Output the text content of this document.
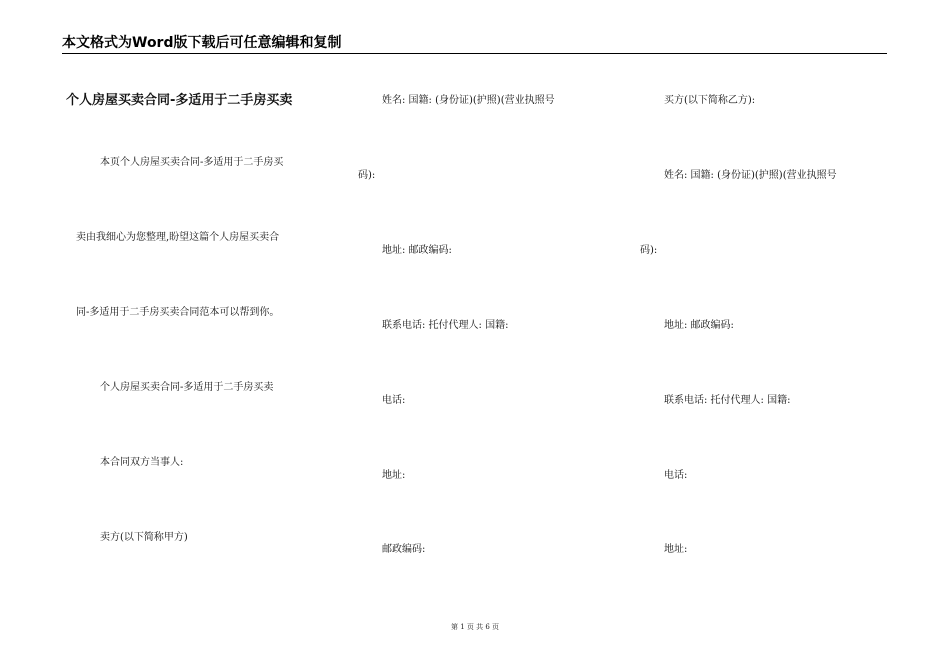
本文格式为Word版下载后可任意编辑和复制
个人房屋买卖合同-多适用于二手房买卖
本页个人房屋买卖合同-多适用于二手房买
卖由我细心为您整理,盼望这篇个人房屋买卖合
同-多适用于二手房买卖合同范本可以帮到你。
个人房屋买卖合同-多适用于二手房买卖
本合同双方当事人:
卖方(以下简称甲方)
姓名: 国籍: (身份证)(护照)(营业执照号
码):
地址: 邮政编码:
联系电话: 托付代理人: 国籍:
电话:
地址:
邮政编码:
买方(以下简称乙方):
姓名: 国籍: (身份证)(护照)(营业执照号
码):
地址: 邮政编码:
联系电话: 托付代理人: 国籍:
电话:
地址:
第 1 页 共 6 页
